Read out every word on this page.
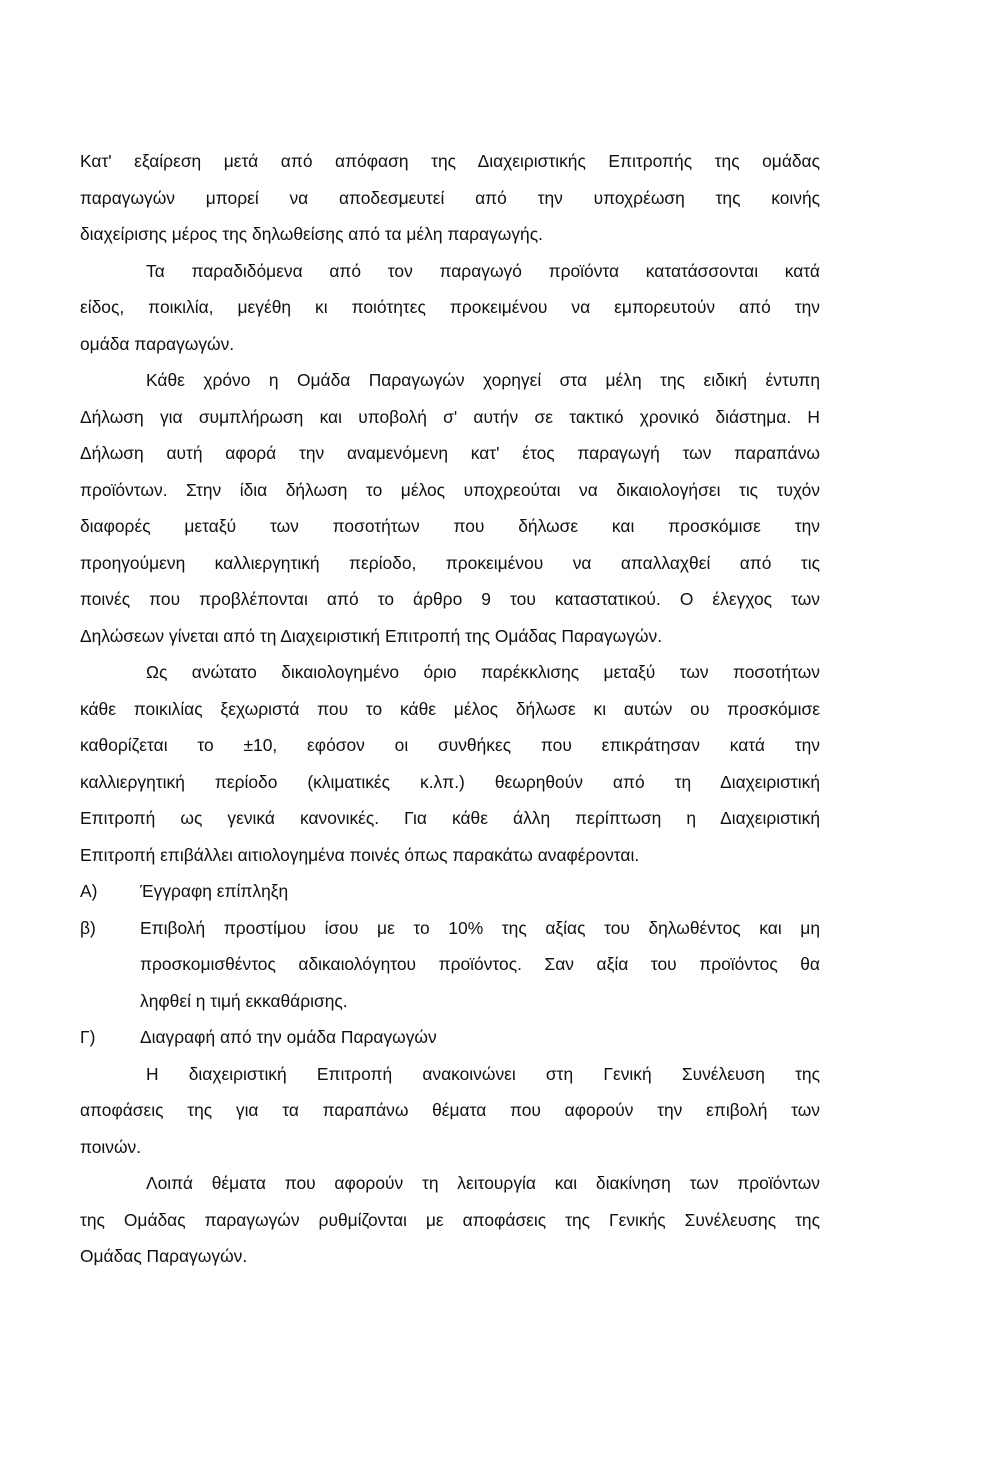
Κατ' εξαίρεση μετά από απόφαση της Διαχειριστικής Επιτροπής της ομάδας
παραγωγών μπορεί να αποδεσμευτεί από την υποχρέωση της κοινής
διαχείρισης μέρος της δηλωθείσης από τα μέλη παραγωγής.
Τα παραδιδόμενα από τον παραγωγό προϊόντα κατατάσσονται κατά
είδος, ποικιλία, μεγέθη κι ποιότητες προκειμένου να εμπορευτούν από την
ομάδα παραγωγών.
Κάθε χρόνο η Ομάδα Παραγωγών χορηγεί στα μέλη της ειδική έντυπη
Δήλωση για συμπλήρωση και υποβολή σ' αυτήν σε τακτικό χρονικό διάστημα. Η
Δήλωση αυτή αφορά την αναμενόμενη κατ' έτος παραγωγή των παραπάνω
προϊόντων. Στην ίδια δήλωση το μέλος υποχρεούται να δικαιολογήσει τις τυχόν
διαφορές μεταξύ των ποσοτήτων που δήλωσε και προσκόμισε την
προηγούμενη καλλιεργητική περίοδο, προκειμένου να απαλλαχθεί από τις
ποινές που προβλέπονται από το άρθρο 9 του καταστατικού. Ο έλεγχος των
Δηλώσεων γίνεται από τη Διαχειριστική Επιτροπή της Ομάδας Παραγωγών.
Ως ανώτατο δικαιολογημένο όριο παρέκκλισης μεταξύ των ποσοτήτων
κάθε ποικιλίας ξεχωριστά που το κάθε μέλος δήλωσε κι αυτών ου προσκόμισε
καθορίζεται το ±10, εφόσον οι συνθήκες που επικράτησαν κατά την
καλλιεργητική περίοδο (κλιματικές κ.λπ.) θεωρηθούν από τη Διαχειριστική
Επιτροπή ως γενικά κανονικές. Για κάθε άλλη περίπτωση η Διαχειριστική
Επιτροπή επιβάλλει αιτιολογημένα ποινές όπως παρακάτω αναφέρονται.
Α)	Έγγραφη επίπληξη
β)	Επιβολή προστίμου ίσου με το 10% της αξίας του δηλωθέντος και μη
προσκομισθέντος αδικαιολόγητου προϊόντος. Σαν αξία του προϊόντος θα
ληφθεί η τιμή εκκαθάρισης.
Γ)	Διαγραφή από την ομάδα Παραγωγών
Η διαχειριστική Επιτροπή ανακοινώνει στη Γενική Συνέλευση της
αποφάσεις της για τα παραπάνω θέματα που αφορούν την επιβολή των
ποινών.
Λοιπά θέματα που αφορούν τη λειτουργία και διακίνηση των προϊόντων
της Ομάδας παραγωγών ρυθμίζονται με αποφάσεις της Γενικής Συνέλευσης της
Ομάδας Παραγωγών.
